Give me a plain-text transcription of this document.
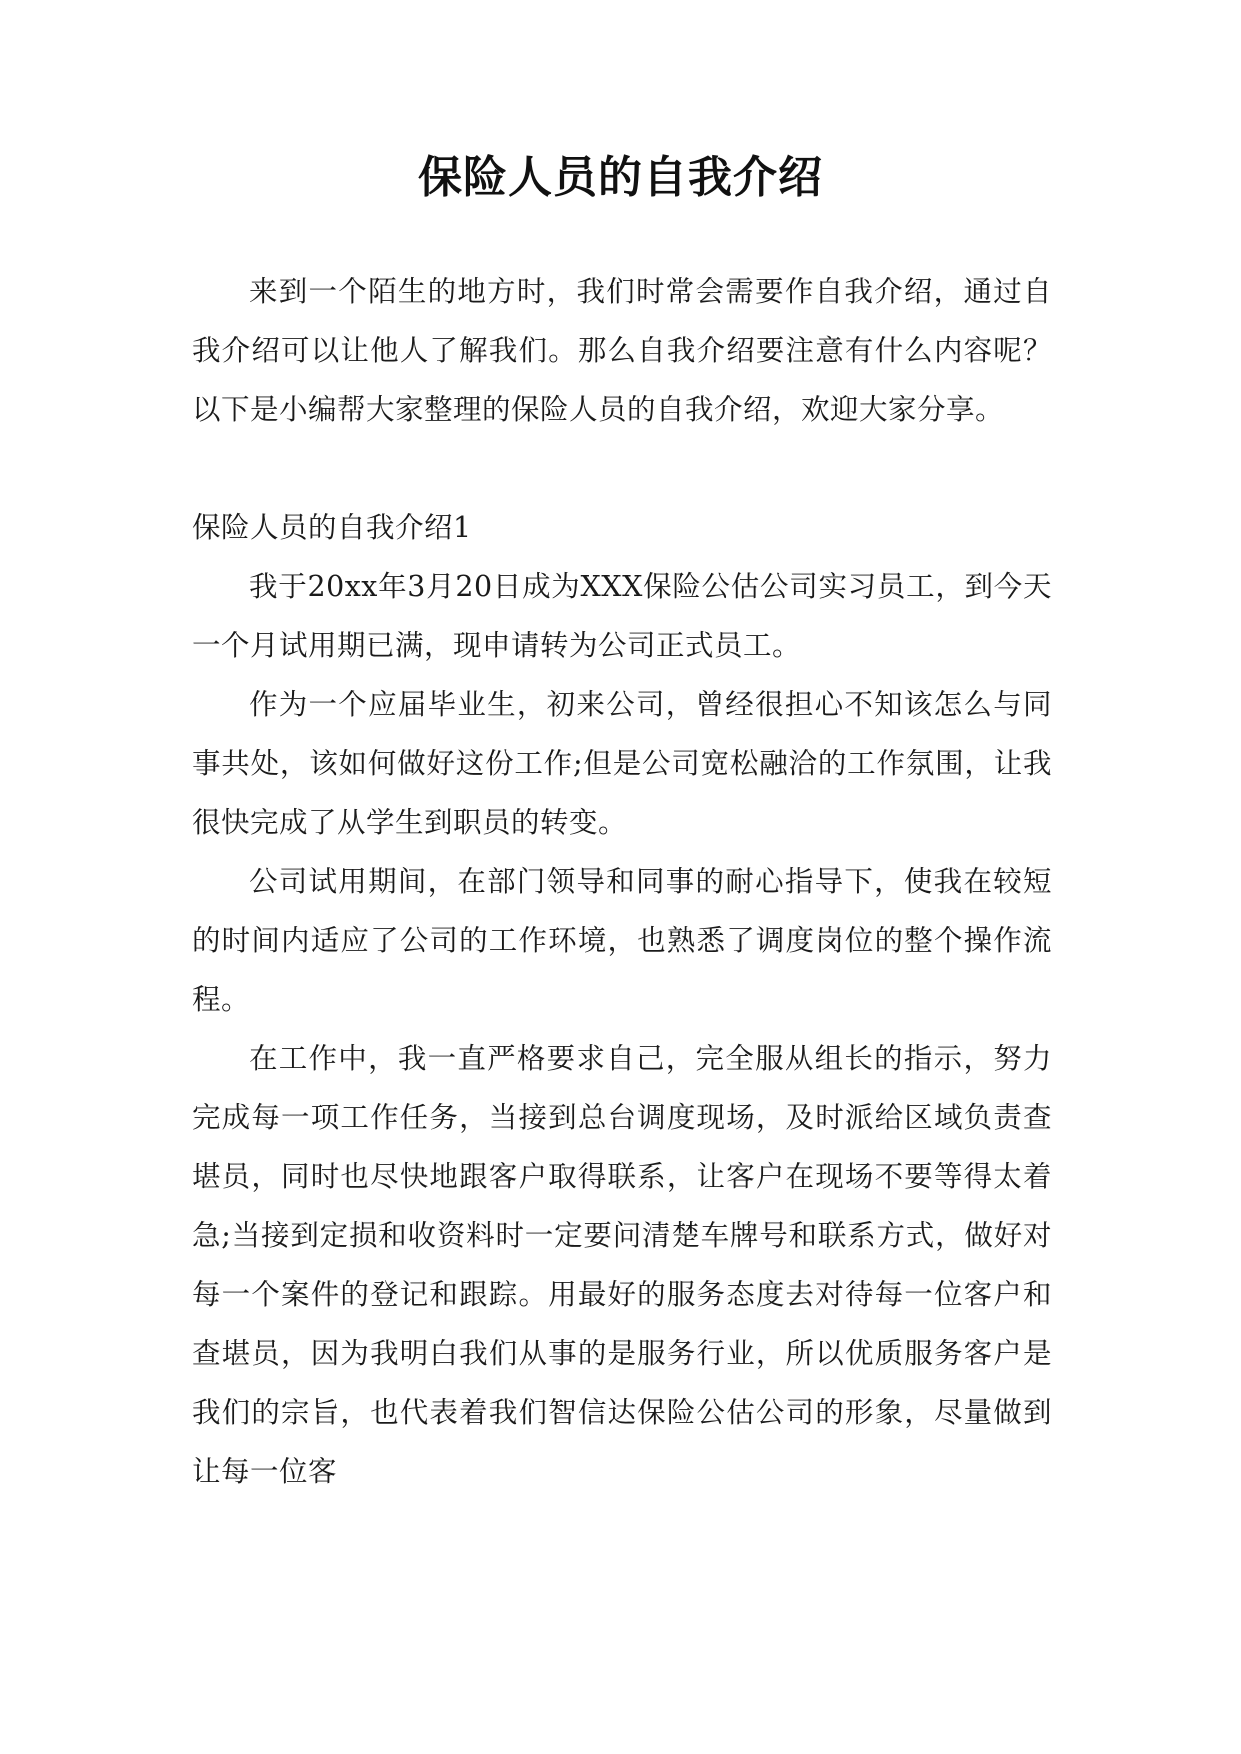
保险人员的自我介绍

来到一个陌生的地方时，我们时常会需要作自我介绍，通过自我介绍可以让他人了解我们。那么自我介绍要注意有什么内容呢？以下是小编帮大家整理的保险人员的自我介绍，欢迎大家分享。

保险人员的自我介绍1

我于20xx年3月20日成为XXX保险公估公司实习员工，到今天一个月试用期已满，现申请转为公司正式员工。

作为一个应届毕业生，初来公司，曾经很担心不知该怎么与同事共处，该如何做好这份工作;但是公司宽松融洽的工作氛围，让我很快完成了从学生到职员的转变。

公司试用期间，在部门领导和同事的耐心指导下，使我在较短的时间内适应了公司的工作环境，也熟悉了调度岗位的整个操作流程。

在工作中，我一直严格要求自己，完全服从组长的指示，努力完成每一项工作任务，当接到总台调度现场，及时派给区域负责查堪员，同时也尽快地跟客户取得联系，让客户在现场不要等得太着急;当接到定损和收资料时一定要问清楚车牌号和联系方式，做好对每一个案件的登记和跟踪。用最好的服务态度去对待每一位客户和查堪员，因为我明白我们从事的是服务行业，所以优质服务客户是我们的宗旨，也代表着我们智信达保险公估公司的形象，尽量做到让每一位客
